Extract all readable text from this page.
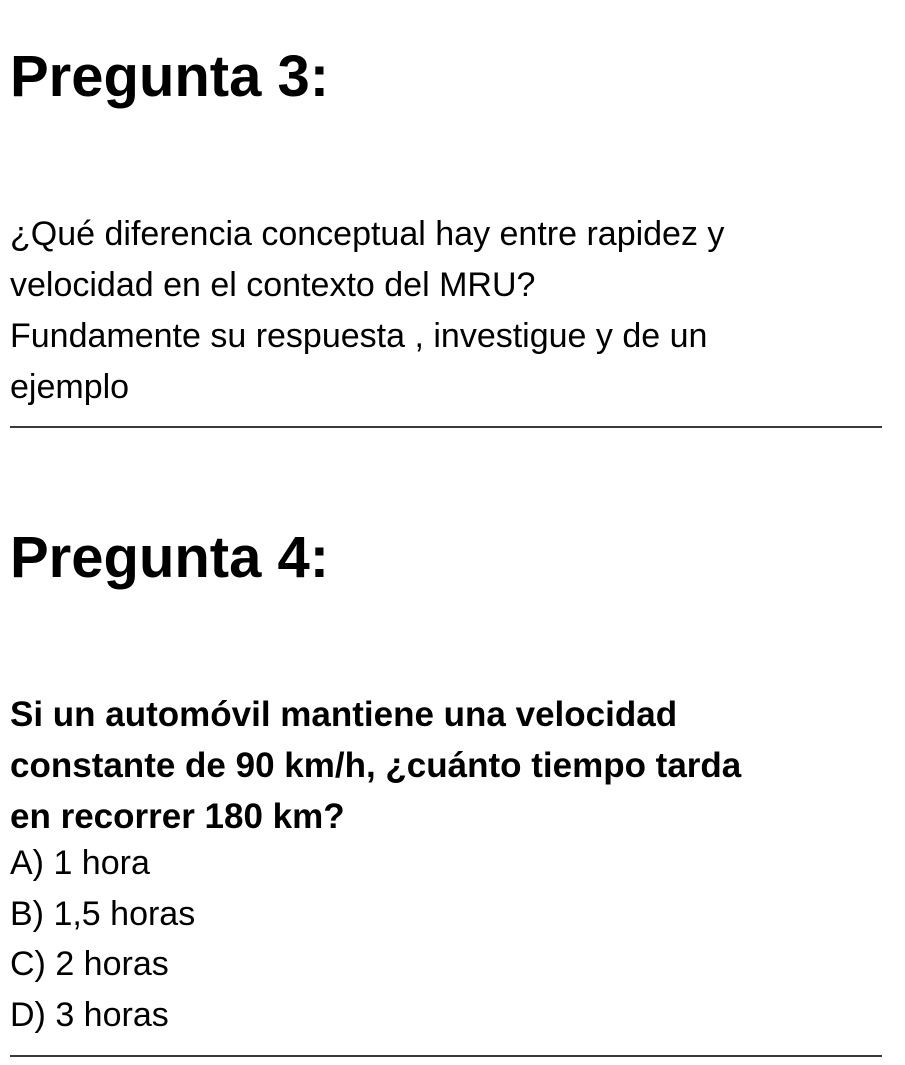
Pregunta 3:

¿Qué diferencia conceptual hay entre rapidez y
velocidad en el contexto del MRU?
Fundamente su respuesta , investigue y de un
ejemplo

Pregunta 4:

Si un automóvil mantiene una velocidad
constante de 90 km/h, ¿cuánto tiempo tarda
en recorrer 180 km?

A) 1 hora
B) 1,5 horas
C) 2 horas
D) 3 horas
